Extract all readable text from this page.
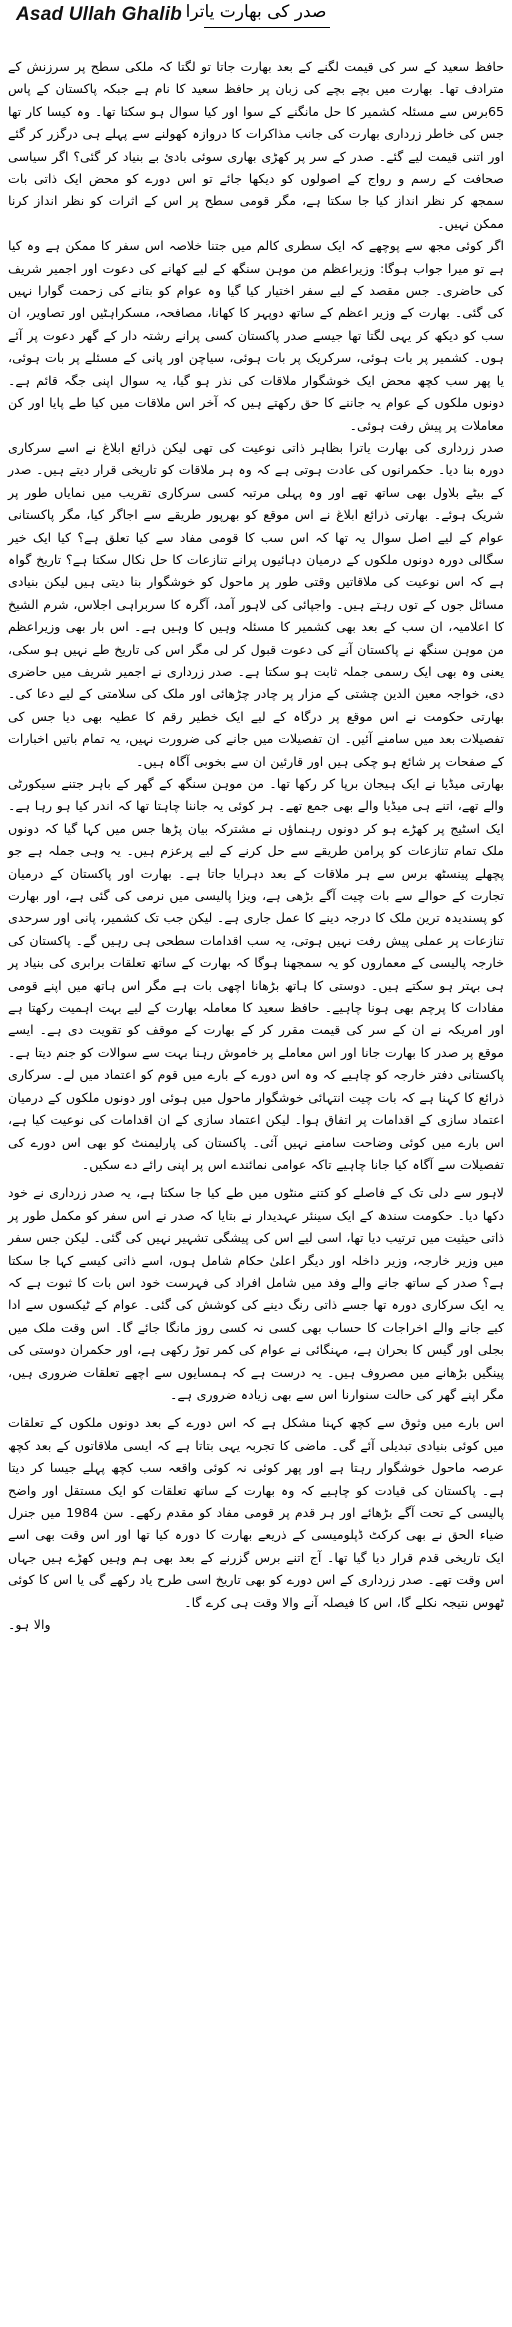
Asad Ullah Ghalib صدر کی بھارت یاترا

حافظ سعید کے سر کی قیمت لگنے کے بعد بھارت جاتا تو لگتا کہ ملکی سطح پر سرزنش کے مترادف تھا۔ بھارت میں بچے بچے کی زبان پر حافظ سعید کا نام ہے جبکہ پاکستان کے پاس 65برس سے مسئلہ کشمیر کا حل مانگنے کے سوا اور کیا سوال ہو سکتا تھا۔ وہ کیسا کار تھا جس کی خاطر زرداری بھارت کی جانب مذاکرات کا دروازہ کھولنے سے پہلے ہی درگزر کر گئے اور اتنی قیمت لیے گئے۔ صدر کے سر پر کھڑی بھاری سوئی بادیٔ بے بنیاد کر گئی؟ اگر سیاسی صحافت کے رسم و رواج کے اصولوں کو دیکھا جائے تو اس دورے کو محض ایک ذاتی بات سمجھ کر نظر انداز کیا جا سکتا ہے، مگر قومی سطح پر اس کے اثرات کو نظر انداز کرنا ممکن نہیں۔

اگر کوئی مجھ سے پوچھے کہ ایک سطری کالم میں جتنا خلاصہ اس سفر کا ممکن ہے وہ کیا ہے تو میرا جواب ہوگا: وزیراعظم من موہن سنگھ کے لیے کھانے کی دعوت اور اجمیر شریف کی حاضری۔ جس مقصد کے لیے سفر اختیار کیا گیا وہ عوام کو بتانے کی زحمت گوارا نہیں کی گئی۔ بھارت کے وزیر اعظم کے ساتھ دوپہر کا کھانا، مصافحہ، مسکراہٹیں اور تصاویر، ان سب کو دیکھ کر یہی لگتا تھا جیسے صدر پاکستان کسی پرانے رشتہ دار کے گھر دعوت پر آئے ہوں۔ کشمیر پر بات ہوئی، سرکریک پر بات ہوئی، سیاچن اور پانی کے مسئلے پر بات ہوئی، یا پھر سب کچھ محض ایک خوشگوار ملاقات کی نذر ہو گیا، یہ سوال اپنی جگہ قائم ہے۔ دونوں ملکوں کے عوام یہ جاننے کا حق رکھتے ہیں کہ آخر اس ملاقات میں کیا طے پایا اور کن معاملات پر پیش رفت ہوئی۔

صدر زرداری کی بھارت یاترا بظاہر ذاتی نوعیت کی تھی لیکن ذرائع ابلاغ نے اسے سرکاری دورہ بنا دیا۔ حکمرانوں کی عادت ہوتی ہے کہ وہ ہر ملاقات کو تاریخی قرار دیتے ہیں۔ صدر کے بیٹے بلاول بھی ساتھ تھے اور وہ پہلی مرتبہ کسی سرکاری تقریب میں نمایاں طور پر شریک ہوئے۔ بھارتی ذرائع ابلاغ نے اس موقع کو بھرپور طریقے سے اجاگر کیا، مگر پاکستانی عوام کے لیے اصل سوال یہ تھا کہ اس سب کا قومی مفاد سے کیا تعلق ہے؟ کیا ایک خیر سگالی دورہ دونوں ملکوں کے درمیان دہائیوں پرانے تنازعات کا حل نکال سکتا ہے؟ تاریخ گواہ ہے کہ اس نوعیت کی ملاقاتیں وقتی طور پر ماحول کو خوشگوار بنا دیتی ہیں لیکن بنیادی مسائل جوں کے توں رہتے ہیں۔ واجپائی کی لاہور آمد، آگرہ کا سربراہی اجلاس، شرم الشیخ کا اعلامیہ، ان سب کے بعد بھی کشمیر کا مسئلہ وہیں کا وہیں ہے۔ اس بار بھی وزیراعظم من موہن سنگھ نے پاکستان آنے کی دعوت قبول کر لی مگر اس کی تاریخ طے نہیں ہو سکی، یعنی وہ بھی ایک رسمی جملہ ثابت ہو سکتا ہے۔ صدر زرداری نے اجمیر شریف میں حاضری دی، خواجہ معین الدین چشتی کے مزار پر چادر چڑھائی اور ملک کی سلامتی کے لیے دعا کی۔ بھارتی حکومت نے اس موقع پر درگاہ کے لیے ایک خطیر رقم کا عطیہ بھی دیا جس کی تفصیلات بعد میں سامنے آئیں۔ ان تفصیلات میں جانے کی ضرورت نہیں، یہ تمام باتیں اخبارات کے صفحات پر شائع ہو چکی ہیں اور قارئین ان سے بخوبی آگاہ ہیں۔

بھارتی میڈیا نے ایک ہیجان برپا کر رکھا تھا۔ من موہن سنگھ کے گھر کے باہر جتنے سیکورٹی والے تھے، اتنے ہی میڈیا والے بھی جمع تھے۔ ہر کوئی یہ جاننا چاہتا تھا کہ اندر کیا ہو رہا ہے۔ ایک اسٹیج پر کھڑے ہو کر دونوں رہنماؤں نے مشترکہ بیان پڑھا جس میں کہا گیا کہ دونوں ملک تمام تنازعات کو پرامن طریقے سے حل کرنے کے لیے پرعزم ہیں۔ یہ وہی جملہ ہے جو پچھلے پینسٹھ برس سے ہر ملاقات کے بعد دہرایا جاتا ہے۔ بھارت اور پاکستان کے درمیان تجارت کے حوالے سے بات چیت آگے بڑھی ہے، ویزا پالیسی میں نرمی کی گئی ہے، اور بھارت کو پسندیدہ ترین ملک کا درجہ دینے کا عمل جاری ہے۔ لیکن جب تک کشمیر، پانی اور سرحدی تنازعات پر عملی پیش رفت نہیں ہوتی، یہ سب اقدامات سطحی ہی رہیں گے۔ پاکستان کی خارجہ پالیسی کے معماروں کو یہ سمجھنا ہوگا کہ بھارت کے ساتھ تعلقات برابری کی بنیاد پر ہی بہتر ہو سکتے ہیں۔ دوستی کا ہاتھ بڑھانا اچھی بات ہے مگر اس ہاتھ میں اپنے قومی مفادات کا پرچم بھی ہونا چاہیے۔ حافظ سعید کا معاملہ بھارت کے لیے بہت اہمیت رکھتا ہے اور امریکہ نے ان کے سر کی قیمت مقرر کر کے بھارت کے موقف کو تقویت دی ہے۔ ایسے موقع پر صدر کا بھارت جانا اور اس معاملے پر خاموش رہنا بہت سے سوالات کو جنم دیتا ہے۔ پاکستانی دفتر خارجہ کو چاہیے کہ وہ اس دورے کے بارے میں قوم کو اعتماد میں لے۔ سرکاری ذرائع کا کہنا ہے کہ بات چیت انتہائی خوشگوار ماحول میں ہوئی اور دونوں ملکوں کے درمیان اعتماد سازی کے اقدامات پر اتفاق ہوا۔ لیکن اعتماد سازی کے ان اقدامات کی نوعیت کیا ہے، اس بارے میں کوئی وضاحت سامنے نہیں آئی۔ پاکستان کی پارلیمنٹ کو بھی اس دورے کی تفصیلات سے آگاہ کیا جانا چاہیے تاکہ عوامی نمائندے اس پر اپنی رائے دے سکیں۔

لاہور سے دلی تک کے فاصلے کو کتنے منٹوں میں طے کیا جا سکتا ہے، یہ صدر زرداری نے خود دکھا دیا۔ حکومت سندھ کے ایک سینئر عہدیدار نے بتایا کہ صدر نے اس سفر کو مکمل طور پر ذاتی حیثیت میں ترتیب دیا تھا، اسی لیے اس کی پیشگی تشہیر نہیں کی گئی۔ لیکن جس سفر میں وزیر خارجہ، وزیر داخلہ اور دیگر اعلیٰ حکام شامل ہوں، اسے ذاتی کیسے کہا جا سکتا ہے؟ صدر کے ساتھ جانے والے وفد میں شامل افراد کی فہرست خود اس بات کا ثبوت ہے کہ یہ ایک سرکاری دورہ تھا جسے ذاتی رنگ دینے کی کوشش کی گئی۔ عوام کے ٹیکسوں سے ادا کیے جانے والے اخراجات کا حساب بھی کسی نہ کسی روز مانگا جائے گا۔ اس وقت ملک میں بجلی اور گیس کا بحران ہے، مہنگائی نے عوام کی کمر توڑ رکھی ہے، اور حکمران دوستی کی پینگیں بڑھانے میں مصروف ہیں۔ یہ درست ہے کہ ہمسایوں سے اچھے تعلقات ضروری ہیں، مگر اپنے گھر کی حالت سنوارنا اس سے بھی زیادہ ضروری ہے۔

اس بارے میں وثوق سے کچھ کہنا مشکل ہے کہ اس دورے کے بعد دونوں ملکوں کے تعلقات میں کوئی بنیادی تبدیلی آئے گی۔ ماضی کا تجربہ یہی بتاتا ہے کہ ایسی ملاقاتوں کے بعد کچھ عرصہ ماحول خوشگوار رہتا ہے اور پھر کوئی نہ کوئی واقعہ سب کچھ پہلے جیسا کر دیتا ہے۔ پاکستان کی قیادت کو چاہیے کہ وہ بھارت کے ساتھ تعلقات کو ایک مستقل اور واضح پالیسی کے تحت آگے بڑھائے اور ہر قدم پر قومی مفاد کو مقدم رکھے۔ سن 1984 میں جنرل ضیاء الحق نے بھی کرکٹ ڈپلومیسی کے ذریعے بھارت کا دورہ کیا تھا اور اس وقت بھی اسے ایک تاریخی قدم قرار دیا گیا تھا۔ آج اتنے برس گزرنے کے بعد بھی ہم وہیں کھڑے ہیں جہاں اس وقت تھے۔ صدر زرداری کے اس دورے کو بھی تاریخ اسی طرح یاد رکھے گی یا اس کا کوئی ٹھوس نتیجہ نکلے گا، اس کا فیصلہ آنے والا وقت ہی کرے گا۔

والا ہو۔
